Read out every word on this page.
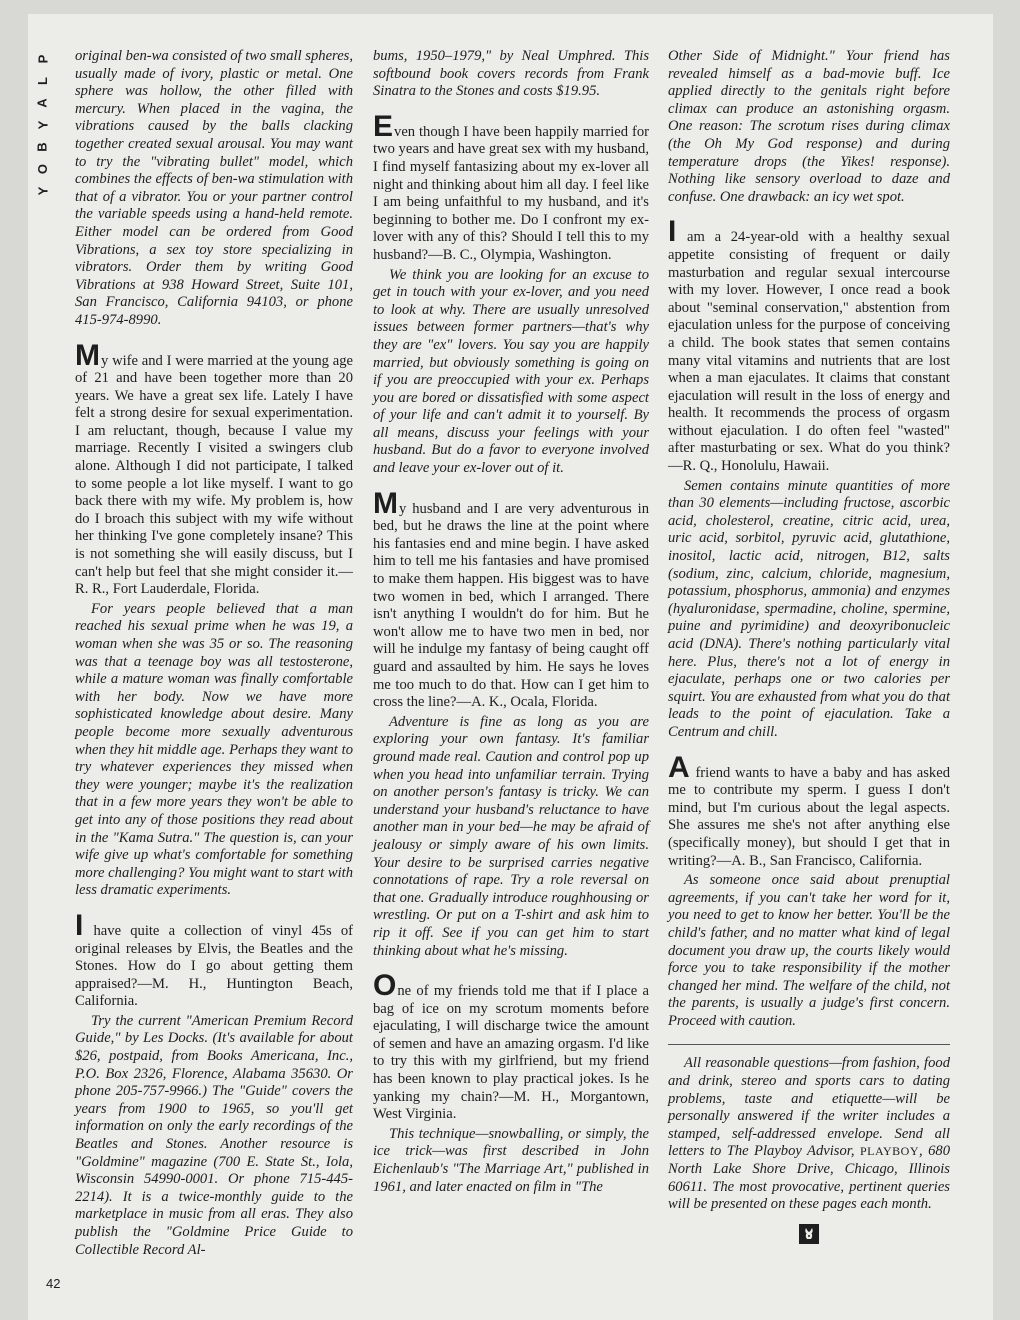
P
L
A
Y
B
O
Y

original ben-wa consisted of two small spheres, usually made of ivory, plastic or metal. One sphere was hollow, the other filled with mercury. When placed in the vagina, the vibrations caused by the balls clacking together created sexual arousal. You may want to try the "vibrating bullet" model, which combines the effects of ben-wa stimulation with that of a vibrator. You or your partner control the variable speeds using a hand-held remote. Either model can be ordered from Good Vibrations, a sex toy store specializing in vibrators. Order them by writing Good Vibrations at 938 Howard Street, Suite 101, San Francisco, California 94103, or phone 415-974-8990.

My wife and I were married at the young age of 21 and have been together more than 20 years. We have a great sex life. Lately I have felt a strong desire for sexual experimentation. I am reluctant, though, because I value my marriage. Recently I visited a swingers club alone. Although I did not participate, I talked to some people a lot like myself. I want to go back there with my wife. My problem is, how do I broach this subject with my wife without her thinking I've gone completely insane? This is not something she will easily discuss, but I can't help but feel that she might consider it.—R. R., Fort Lauderdale, Florida.

For years people believed that a man reached his sexual prime when he was 19, a woman when she was 35 or so. The reasoning was that a teenage boy was all testosterone, while a mature woman was finally comfortable with her body. Now we have more sophisticated knowledge about desire. Many people become more sexually adventurous when they hit middle age. Perhaps they want to try whatever experiences they missed when they were younger; maybe it's the realization that in a few more years they won't be able to get into any of those positions they read about in the "Kama Sutra." The question is, can your wife give up what's comfortable for something more challenging? You might want to start with less dramatic experiments.

I have quite a collection of vinyl 45s of original releases by Elvis, the Beatles and the Stones. How do I go about getting them appraised?—M. H., Huntington Beach, California.

Try the current "American Premium Record Guide," by Les Docks. (It's available for about $26, postpaid, from Books Americana, Inc., P.O. Box 2326, Florence, Alabama 35630. Or phone 205-757-9966.) The "Guide" covers the years from 1900 to 1965, so you'll get information on only the early recordings of the Beatles and Stones. Another resource is "Goldmine" magazine (700 E. State St., Iola, Wisconsin 54990-0001. Or phone 715-445-2214). It is a twice-monthly guide to the marketplace in music from all eras. They also publish the "Goldmine Price Guide to Collectible Record Al-

bums, 1950–1979," by Neal Umphred. This softbound book covers records from Frank Sinatra to the Stones and costs $19.95.

Even though I have been happily married for two years and have great sex with my husband, I find myself fantasizing about my ex-lover all night and thinking about him all day. I feel like I am being unfaithful to my husband, and it's beginning to bother me. Do I confront my ex-lover with any of this? Should I tell this to my husband?—B. C., Olympia, Washington.

We think you are looking for an excuse to get in touch with your ex-lover, and you need to look at why. There are usually unresolved issues between former partners—that's why they are "ex" lovers. You say you are happily married, but obviously something is going on if you are preoccupied with your ex. Perhaps you are bored or dissatisfied with some aspect of your life and can't admit it to yourself. By all means, discuss your feelings with your husband. But do a favor to everyone involved and leave your ex-lover out of it.

My husband and I are very adventurous in bed, but he draws the line at the point where his fantasies end and mine begin. I have asked him to tell me his fantasies and have promised to make them happen. His biggest was to have two women in bed, which I arranged. There isn't anything I wouldn't do for him. But he won't allow me to have two men in bed, nor will he indulge my fantasy of being caught off guard and assaulted by him. He says he loves me too much to do that. How can I get him to cross the line?—A. K., Ocala, Florida.

Adventure is fine as long as you are exploring your own fantasy. It's familiar ground made real. Caution and control pop up when you head into unfamiliar terrain. Trying on another person's fantasy is tricky. We can understand your husband's reluctance to have another man in your bed—he may be afraid of jealousy or simply aware of his own limits. Your desire to be surprised carries negative connotations of rape. Try a role reversal on that one. Gradually introduce roughhousing or wrestling. Or put on a T-shirt and ask him to rip it off. See if you can get him to start thinking about what he's missing.

One of my friends told me that if I place a bag of ice on my scrotum moments before ejaculating, I will discharge twice the amount of semen and have an amazing orgasm. I'd like to try this with my girlfriend, but my friend has been known to play practical jokes. Is he yanking my chain?—M. H., Morgantown, West Virginia.

This technique—snowballing, or simply, the ice trick—was first described in John Eichenlaub's "The Marriage Art," published in 1961, and later enacted on film in "The

Other Side of Midnight." Your friend has revealed himself as a bad-movie buff. Ice applied directly to the genitals right before climax can produce an astonishing orgasm. One reason: The scrotum rises during climax (the Oh My God response) and during temperature drops (the Yikes! response). Nothing like sensory overload to daze and confuse. One drawback: an icy wet spot.

I am a 24-year-old with a healthy sexual appetite consisting of frequent or daily masturbation and regular sexual intercourse with my lover. However, I once read a book about "seminal conservation," abstention from ejaculation unless for the purpose of conceiving a child. The book states that semen contains many vital vitamins and nutrients that are lost when a man ejaculates. It claims that constant ejaculation will result in the loss of energy and health. It recommends the process of orgasm without ejaculation. I do often feel "wasted" after masturbating or sex. What do you think?—R. Q., Honolulu, Hawaii.

Semen contains minute quantities of more than 30 elements—including fructose, ascorbic acid, cholesterol, creatine, citric acid, urea, uric acid, sorbitol, pyruvic acid, glutathione, inositol, lactic acid, nitrogen, B12, salts (sodium, zinc, calcium, chloride, magnesium, potassium, phosphorus, ammonia) and enzymes (hyaluronidase, spermadine, choline, spermine, puine and pyrimidine) and deoxyribonucleic acid (DNA). There's nothing particularly vital here. Plus, there's not a lot of energy in ejaculate, perhaps one or two calories per squirt. You are exhausted from what you do that leads to the point of ejaculation. Take a Centrum and chill.

A friend wants to have a baby and has asked me to contribute my sperm. I guess I don't mind, but I'm curious about the legal aspects. She assures me she's not after anything else (specifically money), but should I get that in writing?—A. B., San Francisco, California.

As someone once said about prenuptial agreements, if you can't take her word for it, you need to get to know her better. You'll be the child's father, and no matter what kind of legal document you draw up, the courts likely would force you to take responsibility if the mother changed her mind. The welfare of the child, not the parents, is usually a judge's first concern. Proceed with caution.

All reasonable questions—from fashion, food and drink, stereo and sports cars to dating problems, taste and etiquette—will be personally answered if the writer includes a stamped, self-addressed envelope. Send all letters to The Playboy Advisor, PLAYBOY, 680 North Lake Shore Drive, Chicago, Illinois 60611. The most provocative, pertinent queries will be presented on these pages each month.

42
